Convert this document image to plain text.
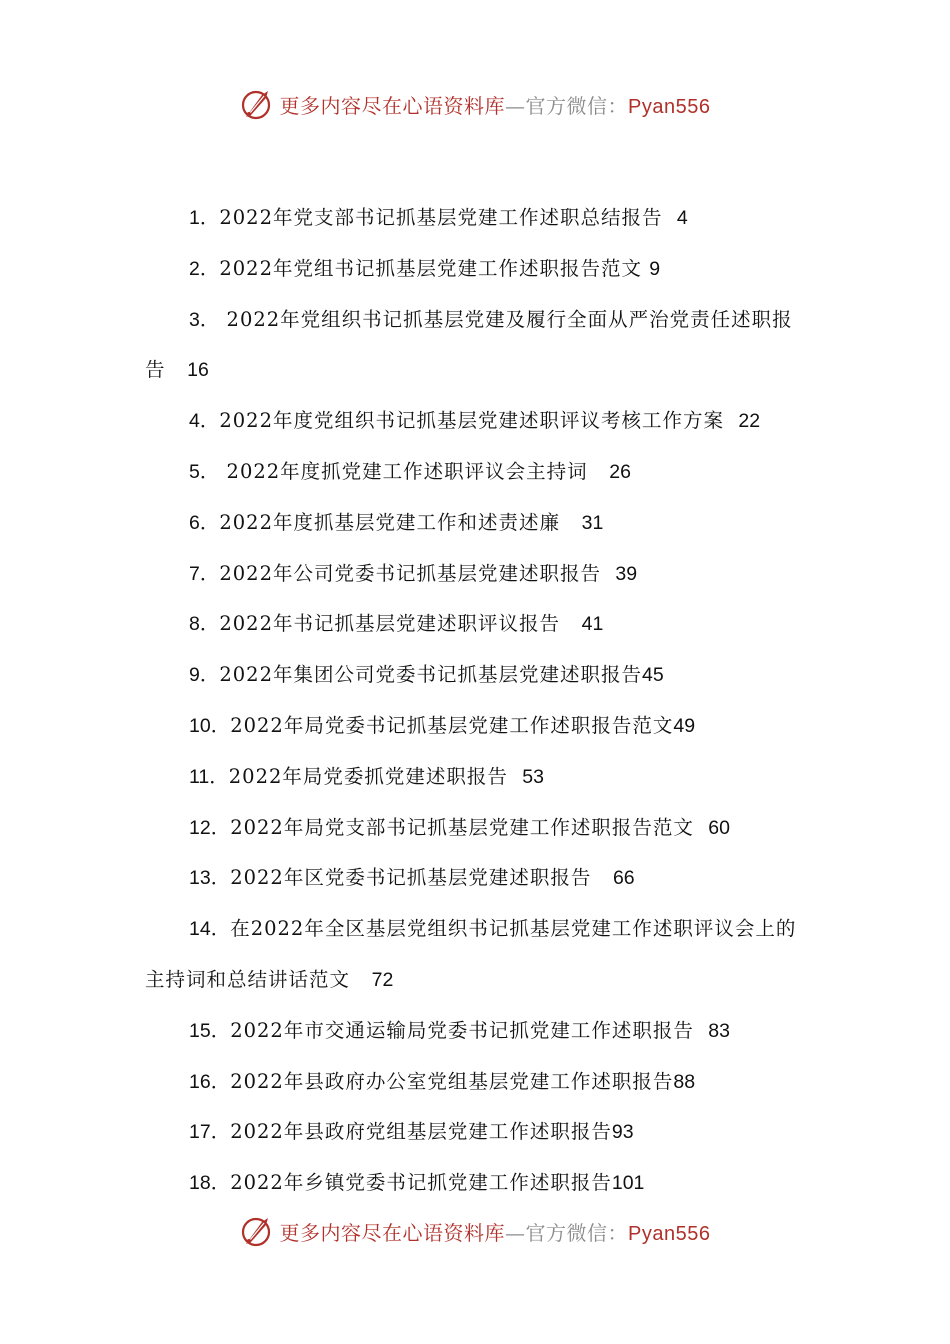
更多内容尽在心语资料库—官方微信：Pyan556
1．2022年党支部书记抓基层党建工作述职总结报告 4
2．2022年党组书记抓基层党建工作述职报告范文 9
3． 2022年党组织书记抓基层党建及履行全面从严治党责任述职报告 16
4．2022年度党组织书记抓基层党建述职评议考核工作方案 22
5． 2022年度抓党建工作述职评议会主持词 26
6．2022年度抓基层党建工作和述责述廉 31
7．2022年公司党委书记抓基层党建述职报告 39
8．2022年书记抓基层党建述职评议报告 41
9．2022年集团公司党委书记抓基层党建述职报告45
10．2022年局党委书记抓基层党建工作述职报告范文49
11．2022年局党委抓党建述职报告 53
12．2022年局党支部书记抓基层党建工作述职报告范文 60
13．2022年区党委书记抓基层党建述职报告 66
14．在2022年全区基层党组织书记抓基层党建工作述职评议会上的主持词和总结讲话范文 72
15．2022年市交通运输局党委书记抓党建工作述职报告 83
16．2022年县政府办公室党组基层党建工作述职报告88
17．2022年县政府党组基层党建工作述职报告93
18．2022年乡镇党委书记抓党建工作述职报告101
更多内容尽在心语资料库—官方微信：Pyan556
